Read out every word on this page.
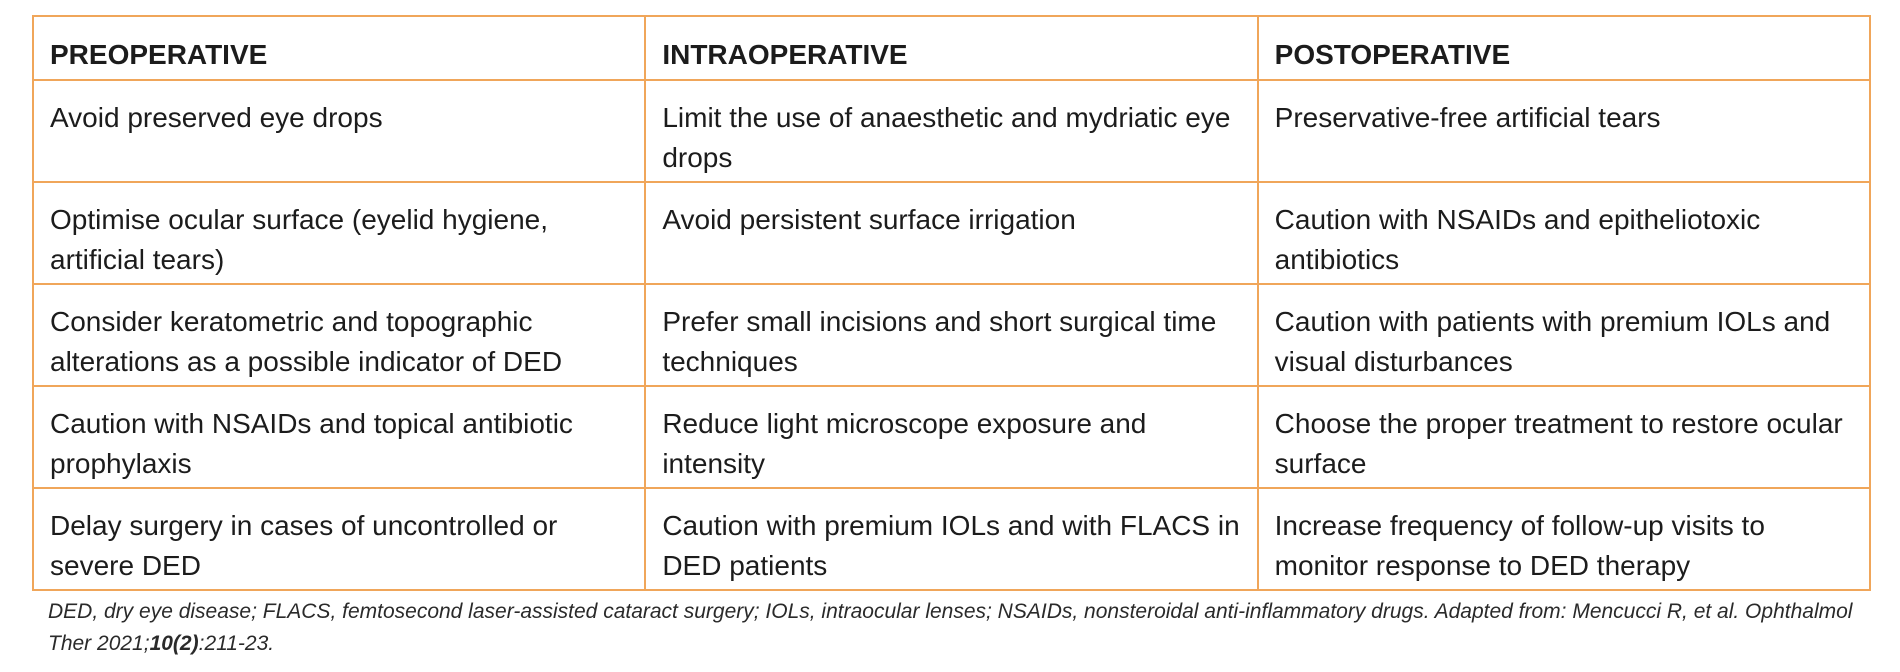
PREOPERATIVE	INTRAOPERATIVE	POSTOPERATIVE
Avoid preserved eye drops	Limit the use of anaesthetic and mydriatic eye drops	Preservative-free artificial tears
Optimise ocular surface (eyelid hygiene, artificial tears)	Avoid persistent surface irrigation	Caution with NSAIDs and epitheliotoxic antibiotics
Consider keratometric and topographic alterations as a possible indicator of DED	Prefer small incisions and short surgical time techniques	Caution with patients with premium IOLs and visual disturbances
Caution with NSAIDs and topical antibiotic prophylaxis	Reduce light microscope exposure and intensity	Choose the proper treatment to restore ocular surface
Delay surgery in cases of uncontrolled or severe DED	Caution with premium IOLs and with FLACS in DED patients	Increase frequency of follow-up visits to monitor response to DED therapy
DED, dry eye disease; FLACS, femtosecond laser-assisted cataract surgery; IOLs, intraocular lenses; NSAIDs, nonsteroidal anti-inflammatory drugs. Adapted from: Mencucci R, et al. Ophthalmol Ther 2021;10(2):211-23.
